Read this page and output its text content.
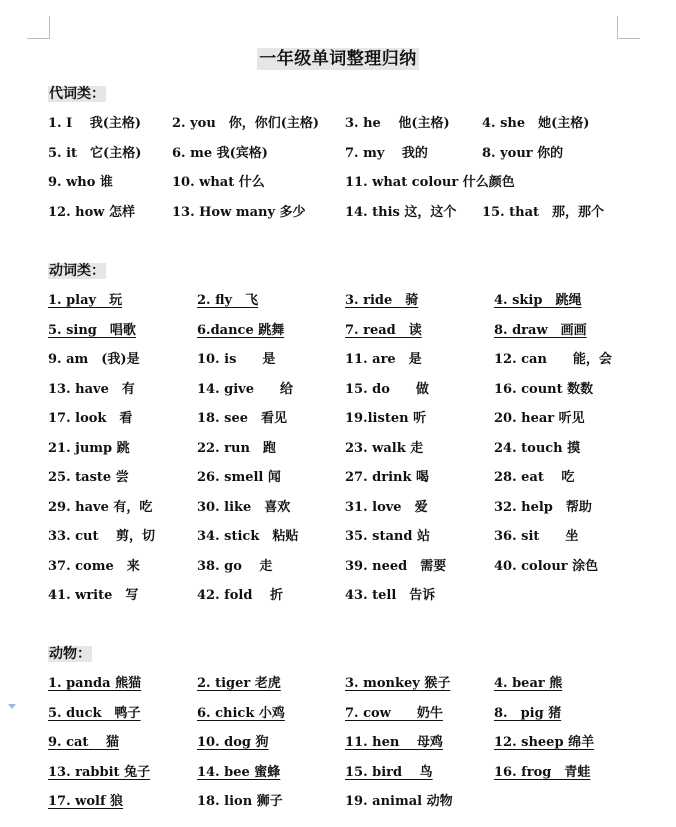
一年级单词整理归纳
代词类：
1. I　 我(主格) 2. you　你，你们(主格) 3. he　 他(主格) 4. she　她(主格)
5. it　它(主格) 6. me 我(宾格)	7. my　 我的	8. your 你的
9. who 谁	10. what 什么	11. what colour 什么颜色
12. how 怎样	13. How many 多少	14. this 这，这个 15. that　那，那个
动词类：
1. play　玩	2. fly　飞	3. ride　骑	4. skip　跳绳
5. sing　唱歌	6.dance 跳舞	7. read　读	8. draw　画画
9. am　(我)是	10. is　　是	11. are　是	12. can　　能，会
13. have　有	14. give　　给	15. do　　做	16. count 数数
17. look　看	18. see　看见	19.listen 听	20. hear 听见
21. jump 跳	22. run　跑	23. walk 走	24. touch 摸
25. taste 尝	26. smell 闻	27. drink 喝	28. eat　 吃
29. have 有，吃	30. like　喜欢	31. love　爱	32. help　帮助
33. cut　 剪，切	34. stick　粘贴	35. stand 站	36. sit　　坐
37. come　来	38. go　 走	39. need　需要	40. colour 涂色
41. write　写	42. fold　 折	43. tell　告诉
动物：
1. panda 熊猫	2. tiger 老虎	3. monkey 猴子	4. bear 熊
5. duck　鸭子	6. chick 小鸡	7. cow　　奶牛	8.　pig 猪
9. cat　 猫	10. dog 狗	11. hen　 母鸡	12. sheep 绵羊
13. rabbit 兔子	14. bee 蜜蜂	15. bird　 鸟	16. frog　青蛙
17. wolf 狼	18. lion 狮子	19. animal 动物
